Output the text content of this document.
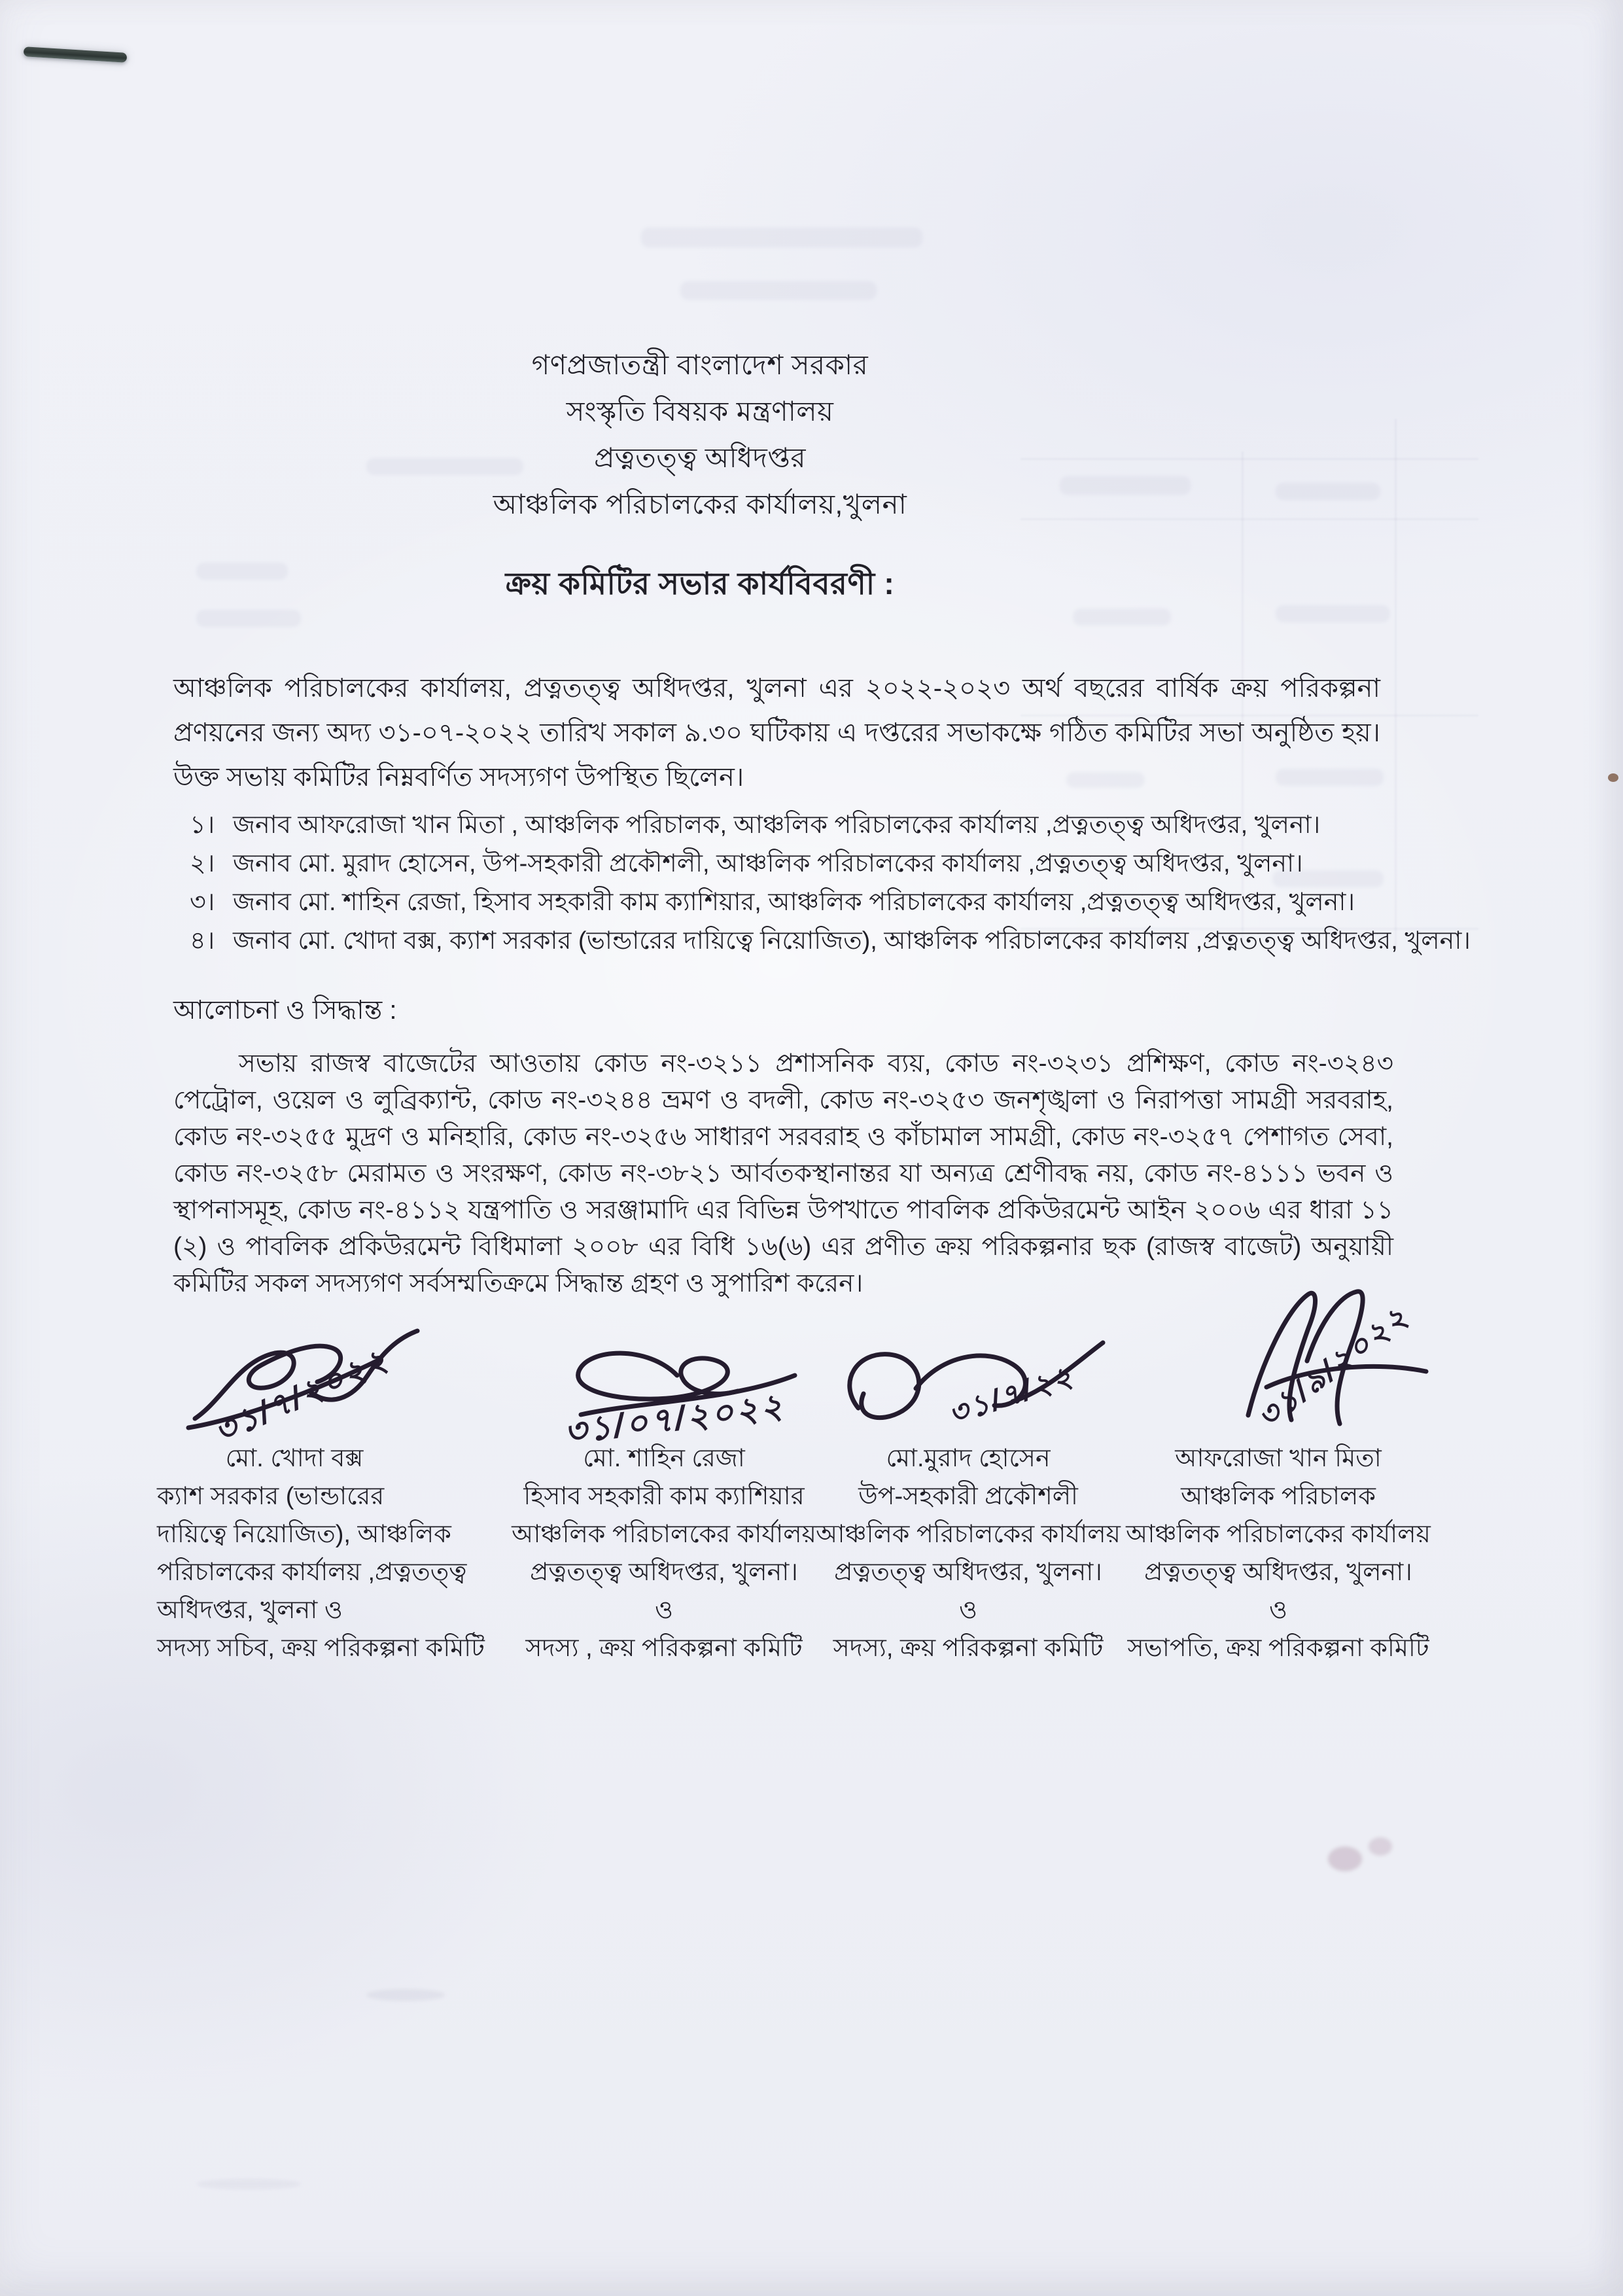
গণপ্রজাতন্ত্রী বাংলাদেশ সরকার
সংস্কৃতি বিষয়ক মন্ত্রণালয়
প্রত্নতত্ত্ব অধিদপ্তর
আঞ্চলিক পরিচালকের কার্যালয়,খুলনা
ক্রয় কমিটির সভার কার্যবিবরণী :

আঞ্চলিক পরিচালকের কার্যালয়, প্রত্নতত্ত্ব অধিদপ্তর, খুলনা এর ২০২২-২০২৩ অর্থ বছরের বার্ষিক ক্রয় পরিকল্পনা প্রণয়নের জন্য অদ্য ৩১-০৭-২০২২ তারিখ সকাল ৯.৩০ ঘটিকায় এ দপ্তরের সভাকক্ষে গঠিত কমিটির সভা অনুষ্ঠিত হয়। উক্ত সভায় কমিটির নিম্নবর্ণিত সদস্যগণ উপস্থিত ছিলেন।

১। জনাব আফরোজা খান মিতা , আঞ্চলিক পরিচালক, আঞ্চলিক পরিচালকের কার্যালয় ,প্রত্নতত্ত্ব অধিদপ্তর, খুলনা।
২। জনাব মো. মুরাদ হোসেন, উপ-সহকারী প্রকৌশলী, আঞ্চলিক পরিচালকের কার্যালয় ,প্রত্নতত্ত্ব অধিদপ্তর, খুলনা।
৩। জনাব মো. শাহিন রেজা, হিসাব সহকারী কাম ক্যাশিয়ার, আঞ্চলিক পরিচালকের কার্যালয় ,প্রত্নতত্ত্ব অধিদপ্তর, খুলনা।
৪। জনাব মো. খোদা বক্স, ক্যাশ সরকার (ভান্ডারের দায়িত্বে নিয়োজিত), আঞ্চলিক পরিচালকের কার্যালয় ,প্রত্নতত্ত্ব অধিদপ্তর, খুলনা।
আলোচনা ও সিদ্ধান্ত :

সভায় রাজস্ব বাজেটের আওতায় কোড নং-৩২১১ প্রশাসনিক ব্যয়, কোড নং-৩২৩১ প্রশিক্ষণ, কোড নং-৩২৪৩ পেট্রোল, ওয়েল ও লুব্রিক্যান্ট, কোড নং-৩২৪৪ ভ্রমণ ও বদলী, কোড নং-৩২৫৩ জনশৃঙ্খলা ও নিরাপত্তা সামগ্রী সরবরাহ, কোড নং-৩২৫৫ মুদ্রণ ও মনিহারি, কোড নং-৩২৫৬ সাধারণ সরবরাহ ও কাঁচামাল সামগ্রী, কোড নং-৩২৫৭ পেশাগত সেবা, কোড নং-৩২৫৮ মেরামত ও সংরক্ষণ, কোড নং-৩৮২১ আর্বতকস্থানান্তর যা অন্যত্র শ্রেণীবদ্ধ নয়, কোড নং-৪১১১ ভবন ও স্থাপনাসমূহ, কোড নং-৪১১২ যন্ত্রপাতি ও সরঞ্জামাদি এর বিভিন্ন উপখাতে পাবলিক প্রকিউরমেন্ট আইন ২০০৬ এর ধারা ১১ (২) ও পাবলিক প্রকিউরমেন্ট বিধিমালা ২০০৮ এর বিধি ১৬(৬) এর প্রণীত ক্রয় পরিকল্পনার ছক (রাজস্ব বাজেট) অনুয়ায়ী কমিটির সকল সদস্যগণ সর্বসম্মতিক্রমে সিদ্ধান্ত গ্রহণ ও সুপারিশ করেন।

৩১/৭/২০২২	৩১/০৭/২০২২	৩১/৭/২২	৩১/৯/২০২২
মো. খোদা বক্স
ক্যাশ সরকার (ভান্ডারের
দায়িত্বে নিয়োজিত), আঞ্চলিক
পরিচালকের কার্যালয় ,প্রত্নতত্ত্ব
অধিদপ্তর, খুলনা ও
সদস্য সচিব, ক্রয় পরিকল্পনা কমিটি
মো. শাহিন রেজা
হিসাব সহকারী কাম ক্যাশিয়ার
আঞ্চলিক পরিচালকের কার্যালয়
প্রত্নতত্ত্ব অধিদপ্তর, খুলনা।
ও
সদস্য , ক্রয় পরিকল্পনা কমিটি
মো.মুরাদ হোসেন
উপ-সহকারী প্রকৌশলী
আঞ্চলিক পরিচালকের কার্যালয়
প্রত্নতত্ত্ব অধিদপ্তর, খুলনা।
ও
সদস্য, ক্রয় পরিকল্পনা কমিটি
আফরোজা খান মিতা
আঞ্চলিক পরিচালক
আঞ্চলিক পরিচালকের কার্যালয়
প্রত্নতত্ত্ব অধিদপ্তর, খুলনা।
ও
সভাপতি, ক্রয় পরিকল্পনা কমিটি
